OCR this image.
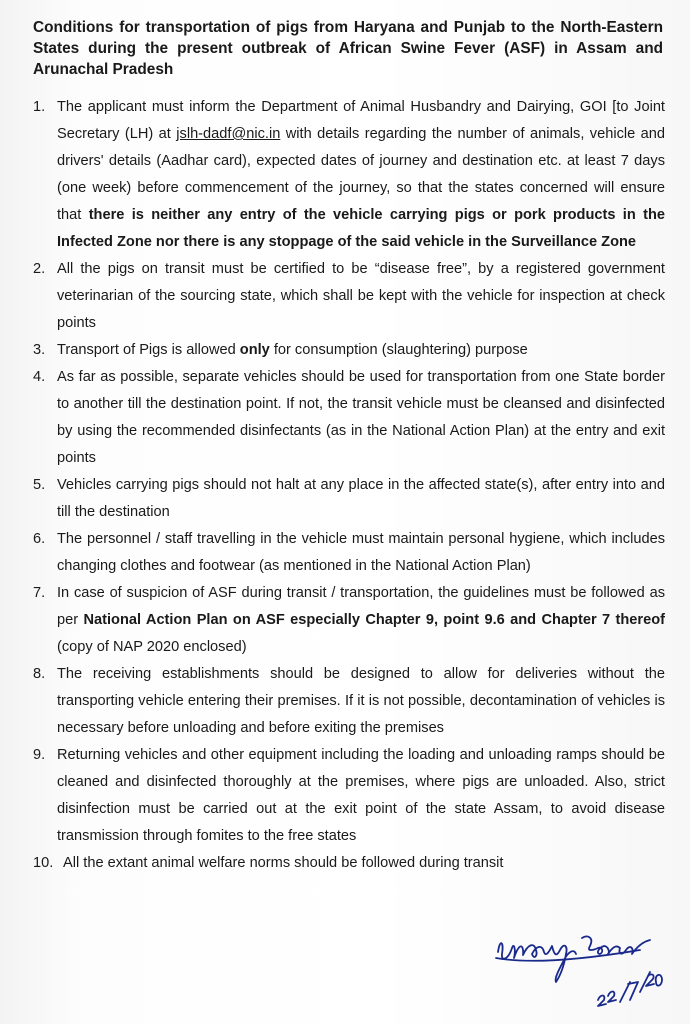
Conditions for transportation of pigs from Haryana and Punjab to the North-Eastern States during the present outbreak of African Swine Fever (ASF) in Assam and Arunachal Pradesh
1. The applicant must inform the Department of Animal Husbandry and Dairying, GOI [to Joint Secretary (LH) at jslh-dadf@nic.in with details regarding the number of animals, vehicle and drivers' details (Aadhar card), expected dates of journey and destination etc. at least 7 days (one week) before commencement of the journey, so that the states concerned will ensure that there is neither any entry of the vehicle carrying pigs or pork products in the Infected Zone nor there is any stoppage of the said vehicle in the Surveillance Zone
2. All the pigs on transit must be certified to be “disease free”, by a registered government veterinarian of the sourcing state, which shall be kept with the vehicle for inspection at check points
3. Transport of Pigs is allowed only for consumption (slaughtering) purpose
4. As far as possible, separate vehicles should be used for transportation from one State border to another till the destination point. If not, the transit vehicle must be cleansed and disinfected by using the recommended disinfectants (as in the National Action Plan) at the entry and exit points
5. Vehicles carrying pigs should not halt at any place in the affected state(s), after entry into and till the destination
6. The personnel / staff travelling in the vehicle must maintain personal hygiene, which includes changing clothes and footwear (as mentioned in the National Action Plan)
7. In case of suspicion of ASF during transit / transportation, the guidelines must be followed as per National Action Plan on ASF especially Chapter 9, point 9.6 and Chapter 7 thereof (copy of NAP 2020 enclosed)
8. The receiving establishments should be designed to allow for deliveries without the transporting vehicle entering their premises. If it is not possible, decontamination of vehicles is necessary before unloading and before exiting the premises
9. Returning vehicles and other equipment including the loading and unloading ramps should be cleaned and disinfected thoroughly at the premises, where pigs are unloaded. Also, strict disinfection must be carried out at the exit point of the state Assam, to avoid disease transmission through fomites to the free states
10. All the extant animal welfare norms should be followed during transit
